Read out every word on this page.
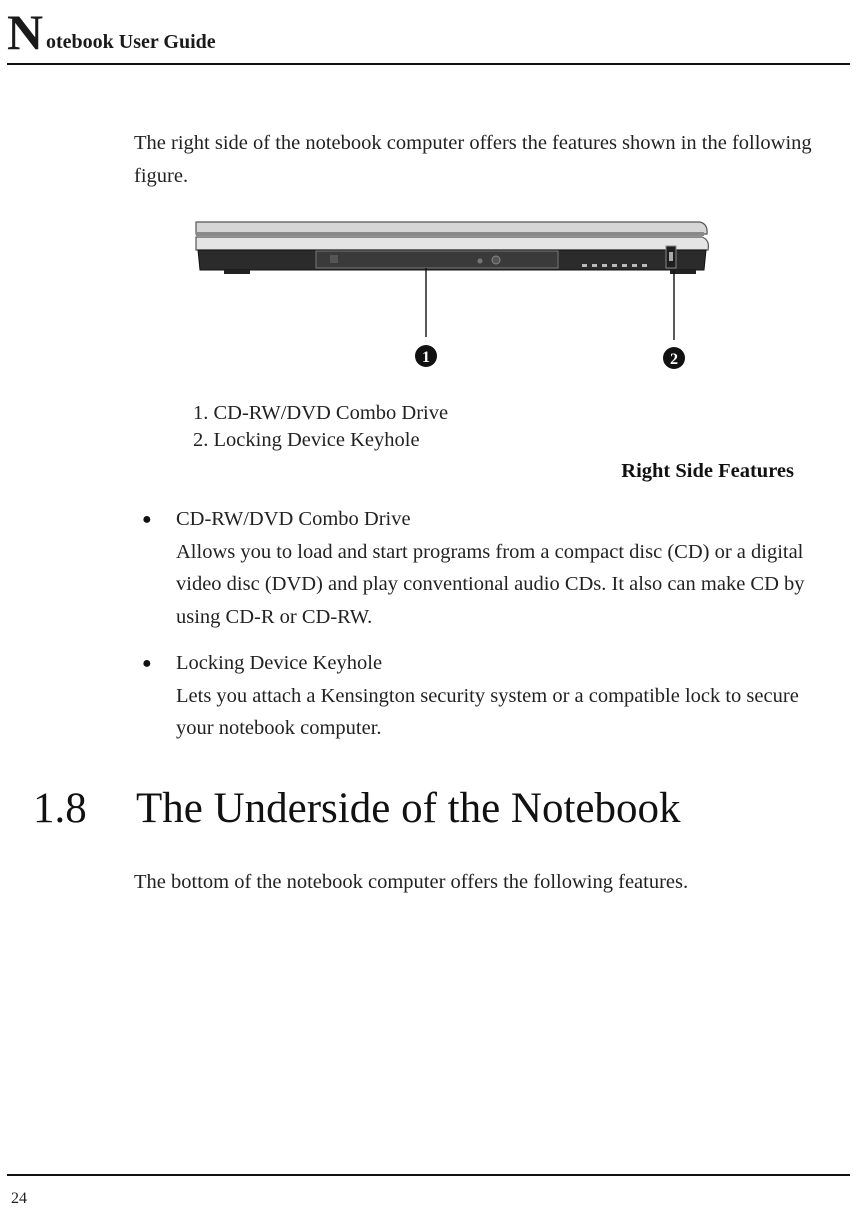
N otebook User Guide
The right side of the notebook computer offers the features shown in the following figure.
1	2
1. CD-RW/DVD Combo Drive
2. Locking Device Keyhole
Right Side Features
● CD-RW/DVD Combo Drive
Allows you to load and start programs from a compact disc (CD) or a digital video disc (DVD) and play conventional audio CDs. It also can make CD by using CD-R or CD-RW.
● Locking Device Keyhole
Lets you attach a Kensington security system or a compatible lock to secure your notebook computer.
1.8 The Underside of the Notebook
The bottom of the notebook computer offers the following features.
24
